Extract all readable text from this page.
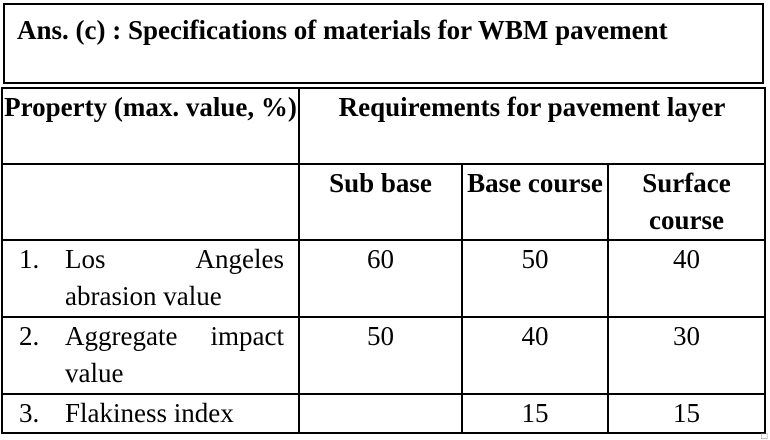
Ans. (c) : Specifications of materials for WBM pavement
Property (max. value, %)	Requirements for pavement layer		
	Sub base	Base course	Surface course

1. Los Angeles abrasion value	60	50	40

2. Aggregate impact value	50	40	30

3. Flakiness index		15	15
□
